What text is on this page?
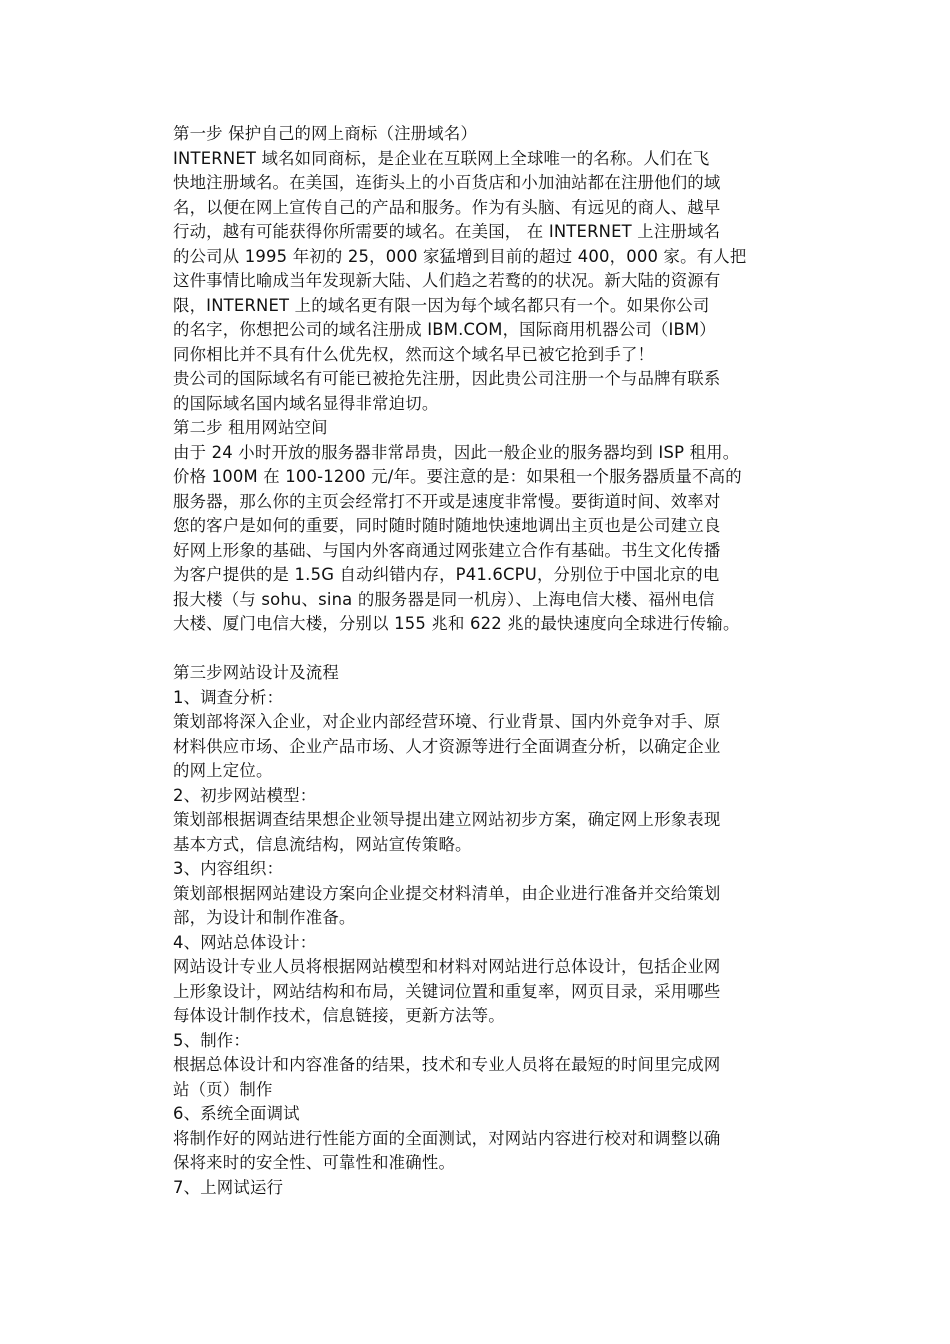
第一步 保护自己的网上商标（注册域名）
INTERNET 域名如同商标，是企业在互联网上全球唯一的名称。人们在飞
快地注册域名。在美国，连街头上的小百货店和小加油站都在注册他们的域
名，以便在网上宣传自己的产品和服务。作为有头脑、有远见的商人、越早
行动，越有可能获得你所需要的域名。在美国， 在 INTERNET 上注册域名
的公司从 1995 年初的 25，000 家猛增到目前的超过 400，000 家。有人把
这件事情比喻成当年发现新大陆、人们趋之若鹜的的状况。新大陆的资源有
限，INTERNET 上的域名更有限一因为每个域名都只有一个。如果你公司
的名字，你想把公司的域名注册成 IBM.COM，国际商用机器公司（IBM）
同你相比并不具有什么优先权，然而这个域名早已被它抢到手了！
贵公司的国际域名有可能已被抢先注册，因此贵公司注册一个与品牌有联系
的国际域名国内域名显得非常迫切。
第二步 租用网站空间
由于 24 小时开放的服务器非常昂贵，因此一般企业的服务器均到 ISP 租用。
价格 100M 在 100-1200 元/年。要注意的是：如果租一个服务器质量不高的
服务器，那么你的主页会经常打不开或是速度非常慢。要街道时间、效率对
您的客户是如何的重要，同时随时随时随地快速地调出主页也是公司建立良
好网上形象的基础、与国内外客商通过网张建立合作有基础。书生文化传播
为客户提供的是 1.5G 自动纠错内存，P41.6CPU，分别位于中国北京的电
报大楼（与 sohu、sina 的服务器是同一机房）、上海电信大楼、福州电信
大楼、厦门电信大楼，分别以 155 兆和 622 兆的最快速度向全球进行传输。
第三步网站设计及流程
1、调查分析：
策划部将深入企业，对企业内部经营环境、行业背景、国内外竞争对手、原
材料供应市场、企业产品市场、人才资源等进行全面调查分析，以确定企业
的网上定位。
2、初步网站模型：
策划部根据调查结果想企业领导提出建立网站初步方案，确定网上形象表现
基本方式，信息流结构，网站宣传策略。
3、内容组织：
策划部根据网站建设方案向企业提交材料清单，由企业进行准备并交给策划
部，为设计和制作准备。
4、网站总体设计：
网站设计专业人员将根据网站模型和材料对网站进行总体设计，包括企业网
上形象设计，网站结构和布局，关键词位置和重复率，网页目录，采用哪些
每体设计制作技术，信息链接，更新方法等。
5、制作：
根据总体设计和内容准备的结果，技术和专业人员将在最短的时间里完成网
站（页）制作
6、系统全面调试
将制作好的网站进行性能方面的全面测试，对网站内容进行校对和调整以确
保将来时的安全性、可靠性和准确性。
7、上网试运行
